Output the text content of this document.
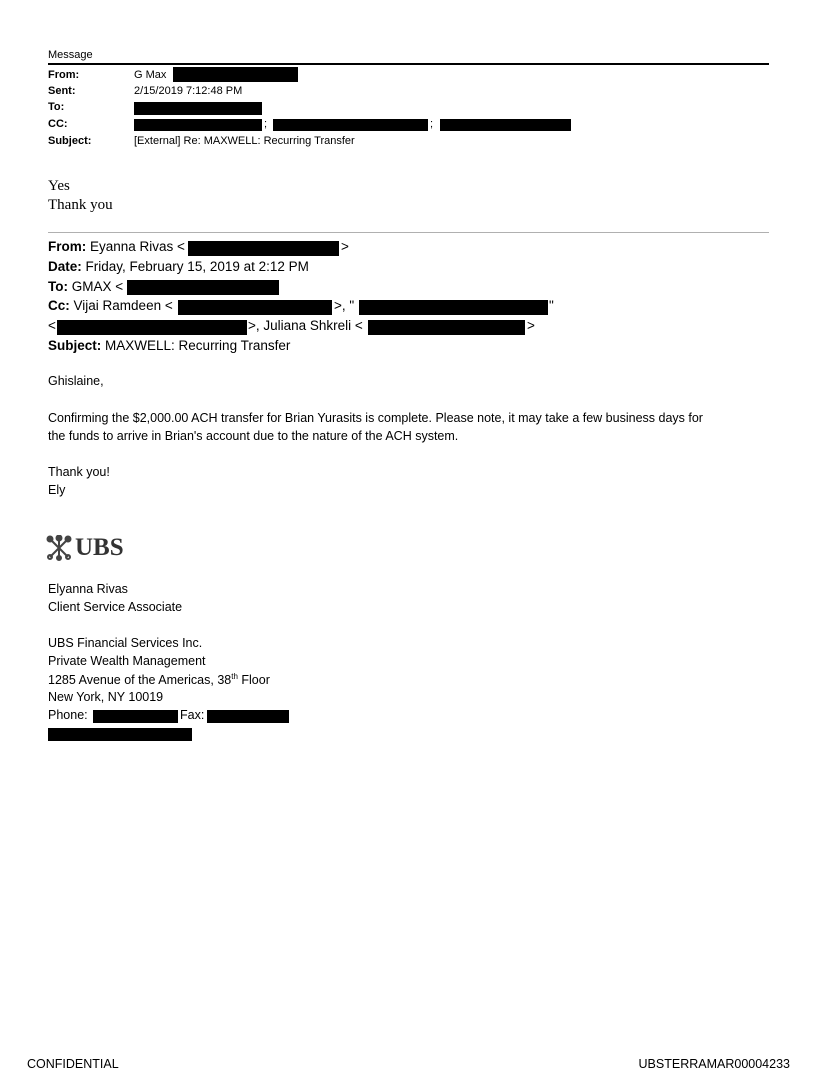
Message
From:	G Max
Sent:	2/15/2019 7:12:48 PM
To:
CC:	;	;
Subject:	[External] Re: MAXWELL: Recurring Transfer
Yes
Thank you
From: Eyanna Rivas <	>
Date: Friday, February 15, 2019 at 2:12 PM
To: GMAX <
Cc: Vijai Ramdeen <	>, "	"
<	>, Juliana Shkreli <	>
Subject: MAXWELL: Recurring Transfer
Ghislaine,
Confirming the $2,000.00 ACH transfer for Brian Yurasits is complete. Please note, it may take a few business days for
the funds to arrive in Brian's account due to the nature of the ACH system.
Thank you!
Ely
UBS
Elyanna Rivas
Client Service Associate
UBS Financial Services Inc.
Private Wealth Management
1285 Avenue of the Americas, 38th Floor
New York, NY 10019
Phone:	Fax:
CONFIDENTIAL	UBSTERRAMAR00004233
